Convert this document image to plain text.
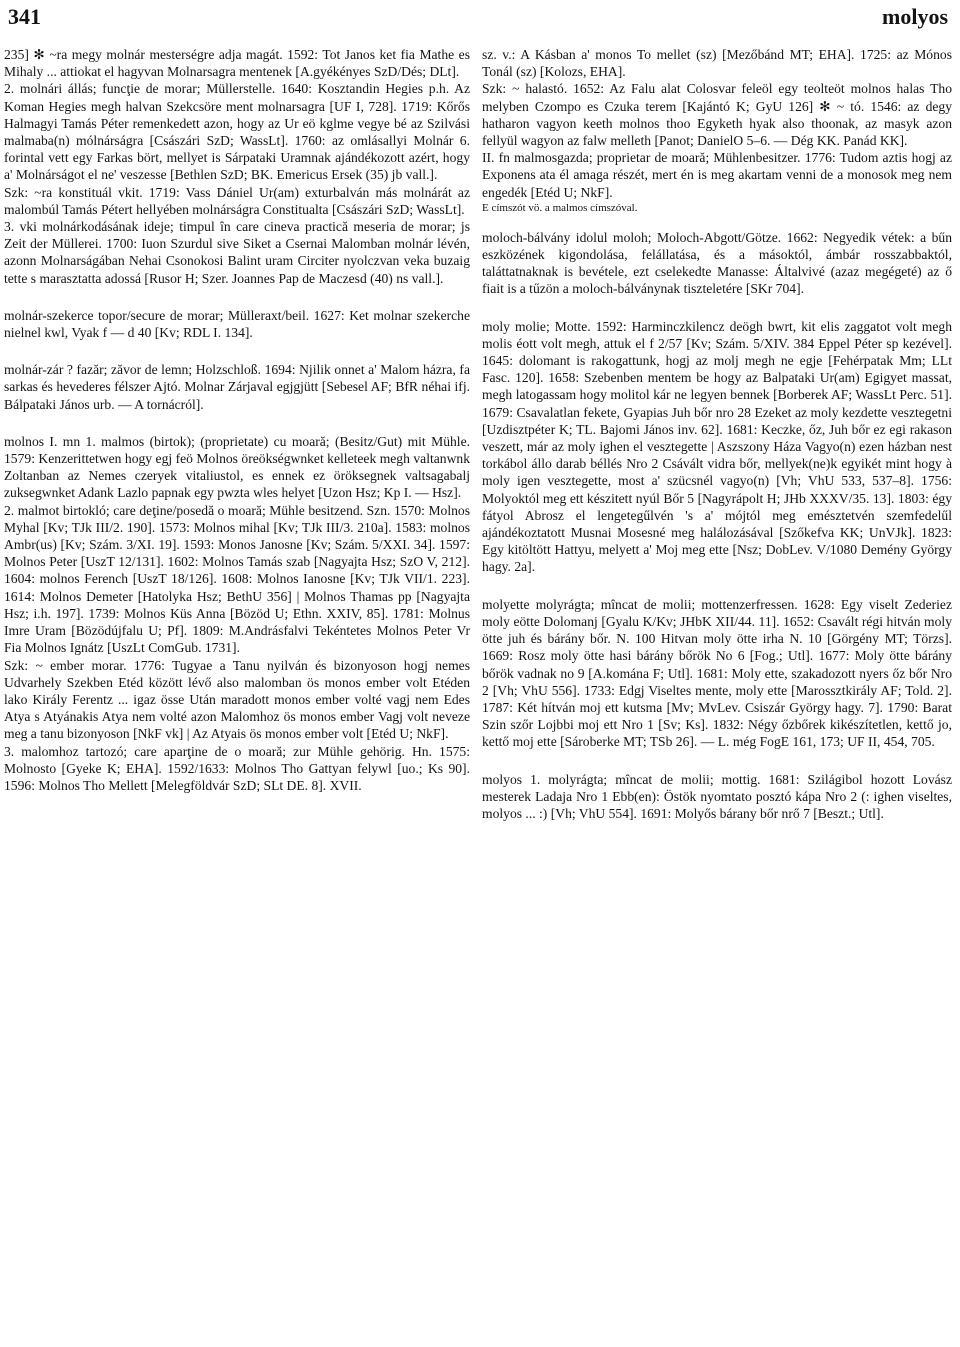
341	molyos

235] ✻ ~ra megy molnár mesterségre adja magát. 1592: Tot Janos ket fia Mathe es Mihaly ... attiokat el hagyvan Molnarsagra mentenek [A.gyékényes SzD/Dés; DLt].

2. molnári állás; funcţie de morar; Müllerstelle. 1640: Kosztandin Hegies p.h. Az Koman Hegies megh halvan Szekcsöre ment molnarsagra [UF I, 728]. 1719: Kőrős Halmagyi Tamás Péter remenkedett azon, hogy az Ur eö kglme vegye bé az Szilvási malmaba(n) mólnárságra [Császári SzD; WassLt]. 1760: az omlásallyi Molnár 6. forintal vett egy Farkas bört, mellyet is Sárpataki Uramnak ajándékozott azért, hogy a' Molnárságot el ne' veszesse [Bethlen SzD; BK. Emericus Ersek (35) jb vall.].

Szk: ~ra konstituál vkit. 1719: Vass Dániel Ur(am) exturbalván más molnárát az malombúl Tamás Pétert hellyében molnárságra Constitualta [Császári SzD; WassLt].

3. vki molnárkodásának ideje; timpul în care cineva practică meseria de morar; js Zeit der Müllerei. 1700: Iuon Szurdul sive Siket a Csernai Malomban molnár lévén, azonn Molnarságában Nehai Csonokosi Balint uram Circiter nyolczvan veka buzaig tette s marasztatta adossá [Rusor H; Szer. Joannes Pap de Maczesd (40) ns vall.].

molnár-szekerce topor/secure de morar; Mülleraxt/beil. 1627: Ket molnar szekerche nielnel kwl, Vyak f — d 40 [Kv; RDL I. 134].

molnár-zár ? fazăr; zăvor de lemn; Holzschloß. 1694: Njilik onnet a' Malom házra, fa sarkas és hevederes félszer Ajtó. Molnar Zárjaval egjgjütt [Sebesel AF; BfR néhai ifj. Bálpataki János urb. — A tornácról].

molnos I. mn 1. malmos (birtok); (proprietate) cu moară; (Besitz/Gut) mit Mühle. 1579: Kenzerittetwen hogy egj feö Molnos öreökségwnket kelleteek megh valtanwnk Zoltanban az Nemes czeryek vitaliustol, es ennek ez öröksegnek valtsagabalj zuksegwnket Adank Lazlo papnak egy pwzta wles helyet [Uzon Hsz; Kp I. — Hsz].

2. malmot birtokló; care deţine/posedă o moară; Mühle besitzend. Szn. 1570: Molnos Myhal [Kv; TJk III/2. 190]. 1573: Molnos mihal [Kv; TJk III/3. 210a]. 1583: molnos Ambr(us) [Kv; Szám. 3/XI. 19]. 1593: Monos Janosne [Kv; Szám. 5/XXI. 34]. 1597: Molnos Peter [UszT 12/131]. 1602: Molnos Tamás szab [Nagyajta Hsz; SzO V, 212]. 1604: molnos Ferench [UszT 18/126]. 1608: Molnos Ianosne [Kv; TJk VII/1. 223]. 1614: Molnos Demeter [Hatolyka Hsz; BethU 356] | Molnos Thamas pp [Nagyajta Hsz; i.h. 197]. 1739: Molnos Küs Anna [Bözöd U; Ethn. XXIV, 85]. 1781: Molnus Imre Uram [Bözödújfalu U; Pf]. 1809: M.Andrásfalvi Tekéntetes Molnos Peter Vr Fia Molnos Ignátz [UszLt ComGub. 1731].

Szk: ~ ember morar. 1776: Tugyae a Tanu nyilván és bizonyoson hogj nemes Udvarhely Szekben Etéd között lévő also malomban ös monos ember volt Etéden lako Király Ferentz ... igaz össe Után maradott monos ember volté vagj nem Edes Atya s Atyánakis Atya nem volté azon Malomhoz ös monos ember Vagj volt neveze meg a tanu bizonyoson [NkF vk] | Az Atyais ös monos ember volt [Etéd U; NkF].

3. malomhoz tartozó; care aparţine de o moară; zur Mühle gehörig. Hn. 1575: Molnosto [Gyeke K; EHA]. 1592/1633: Molnos Tho Gattyan felywl [uo.; Ks 90]. 1596: Molnos Tho Mellett [Melegföldvár SzD; SLt DE. 8]. XVII.

sz. v.: A Kásban a' monos To mellet (sz) [Mezőbánd MT; EHA]. 1725: az Mónos Tonál (sz) [Kolozs, EHA].

Szk: ~ halastó. 1652: Az Falu alat Colosvar feleöl egy teolteöt molnos halas Tho melyben Czompo es Czuka terem [Kajántó K; GyU 126] ✻ ~ tó. 1546: az degy hatharon vagyon keeth molnos thoo Egyketh hyak also thoonak, az masyk azon fellyül wagyon az falw melleth [Panot; DanielO 5–6. — Dég KK. Panád KK].

II. fn malmosgazda; proprietar de moară; Mühlenbesitzer. 1776: Tudom aztis hogj az Exponens ata él amaga részét, mert én is meg akartam venni de a monosok meg nem engedék [Etéd U; NkF].

E címszót vö. a malmos címszóval.

moloch-bálvány idolul moloh; Moloch-Abgott/Götze. 1662: Negyedik vétek: a bűn eszközének kigondolása, felállatása, és a másoktól, ámbár rosszabbaktól, taláttatnaknak is bevétele, ezt cselekedte Manasse: Általvivé (azaz megégeté) az ő fiait is a tűzön a moloch-bálványnak tiszteletére [SKr 704].

moly molie; Motte. 1592: Harminczkilencz deögh bwrt, kit elis zaggatot volt megh molis éott volt megh, attuk el f 2/57 [Kv; Szám. 5/XIV. 384 Eppel Péter sp kezével]. 1645: dolomant is rakogattunk, hogj az molj megh ne egje [Fehérpatak Mm; LLt Fasc. 120]. 1658: Szebenben mentem be hogy az Balpataki Ur(am) Egigyet massat, megh latogassam hogy molitol kár ne legyen bennek [Borberek AF; WassLt Perc. 51]. 1679: Csavalatlan fekete, Gyapias Juh bőr nro 28 Ezeket az moly kezdette vesztegetni [Uzdisztpéter K; TL. Bajomi János inv. 62]. 1681: Keczke, őz, Juh bőr ez egi rakason veszett, már az moly ighen el vesztegette | Aszszony Háza Vagyo(n) ezen házban nest torkábol állo darab béllés Nro 2 Csávált vidra bőr, mellyek(ne)k egyikét mint hogy à moly igen vesztegette, most a' szücsnél vagyo(n) [Vh; VhU 533, 537–8]. 1756: Molyoktól meg ett készitett nyúl Bőr 5 [Nagyrápolt H; JHb XXXV/35. 13]. 1803: égy fátyol Abrosz el lengetegűlvén 's a' mójtól meg emésztetvén szemfedelűl ajándékoztatott Musnai Mosesné meg halálozásával [Szőkefva KK; UnVJk]. 1823: Egy kitöltött Hattyu, melyett a' Moj meg ette [Nsz; DobLev. V/1080 Demény György hagy. 2a].

molyette molyrágta; mîncat de molii; mottenzerfressen. 1628: Egy viselt Zederiez moly eötte Dolomanj [Gyalu K/Kv; JHbK XII/44. 11]. 1652: Csavált régi hitván moly ötte juh és bárány bőr. N. 100 Hitvan moly ötte irha N. 10 [Görgény MT; Törzs]. 1669: Rosz moly ötte hasi bárány bőrök No 6 [Fog.; Utl]. 1677: Moly ötte bárány bőrök vadnak no 9 [A.komána F; Utl]. 1681: Moly ette, szakadozott nyers őz bőr Nro 2 [Vh; VhU 556]. 1733: Edgj Viseltes mente, moly ette [Marossztkirály AF; Told. 2]. 1787: Két hítván moj ett kutsma [Mv; MvLev. Csiszár György hagy. 7]. 1790: Barat Szin szőr Lojbbi moj ett Nro 1 [Sv; Ks]. 1832: Négy őzbőrek kikészítetlen, kettő jo, kettő moj ette [Sároberke MT; TSb 26]. — L. még FogE 161, 173; UF II, 454, 705.

molyos 1. molyrágta; mîncat de molii; mottig. 1681: Szilágibol hozott Lovász mesterek Ladaja Nro 1 Ebb(en): Östök nyomtato posztó kápa Nro 2 (: ighen viseltes, molyos ... :) [Vh; VhU 554]. 1691: Molyős bárany bőr nrő 7 [Beszt.; Utl].
